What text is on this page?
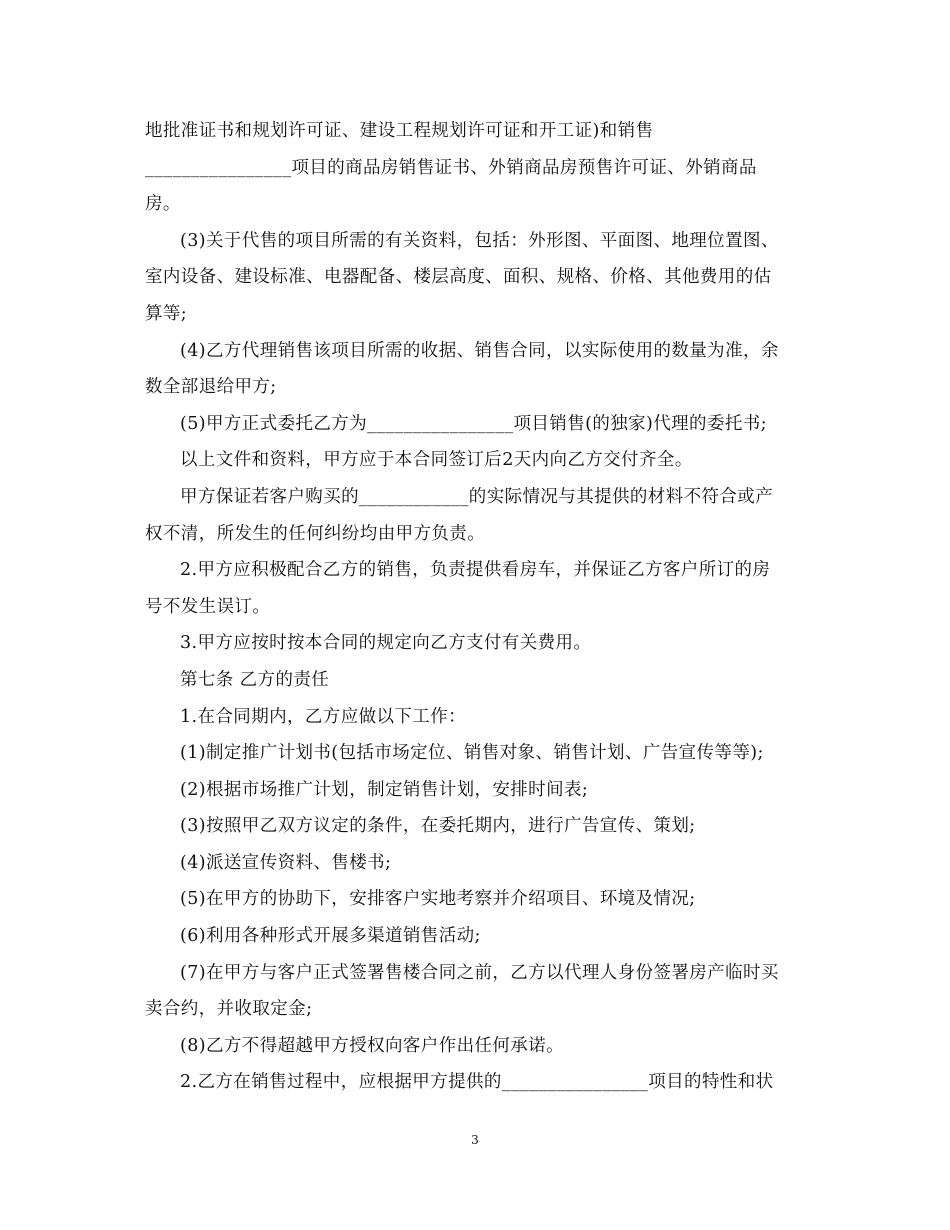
地批准证书和规划许可证、建设工程规划许可证和开工证)和销售
________________项目的商品房销售证书、外销商品房预售许可证、外销商品
房。
(3)关于代售的项目所需的有关资料，包括：外形图、平面图、地理位置图、
室内设备、建设标准、电器配备、楼层高度、面积、规格、价格、其他费用的估
算等;
(4)乙方代理销售该项目所需的收据、销售合同，以实际使用的数量为准，余
数全部退给甲方;
(5)甲方正式委托乙方为________________项目销售(的独家)代理的委托书;
以上文件和资料，甲方应于本合同签订后2天内向乙方交付齐全。
甲方保证若客户购买的____________的实际情况与其提供的材料不符合或产
权不清，所发生的任何纠纷均由甲方负责。
2.甲方应积极配合乙方的销售，负责提供看房车，并保证乙方客户所订的房
号不发生误订。
3.甲方应按时按本合同的规定向乙方支付有关费用。
第七条 乙方的责任
1.在合同期内，乙方应做以下工作：
(1)制定推广计划书(包括市场定位、销售对象、销售计划、广告宣传等等);
(2)根据市场推广计划，制定销售计划，安排时间表;
(3)按照甲乙双方议定的条件，在委托期内，进行广告宣传、策划;
(4)派送宣传资料、售楼书;
(5)在甲方的协助下，安排客户实地考察并介绍项目、环境及情况;
(6)利用各种形式开展多渠道销售活动;
(7)在甲方与客户正式签署售楼合同之前，乙方以代理人身份签署房产临时买
卖合约，并收取定金;
(8)乙方不得超越甲方授权向客户作出任何承诺。
2.乙方在销售过程中，应根据甲方提供的________________项目的特性和状
3
